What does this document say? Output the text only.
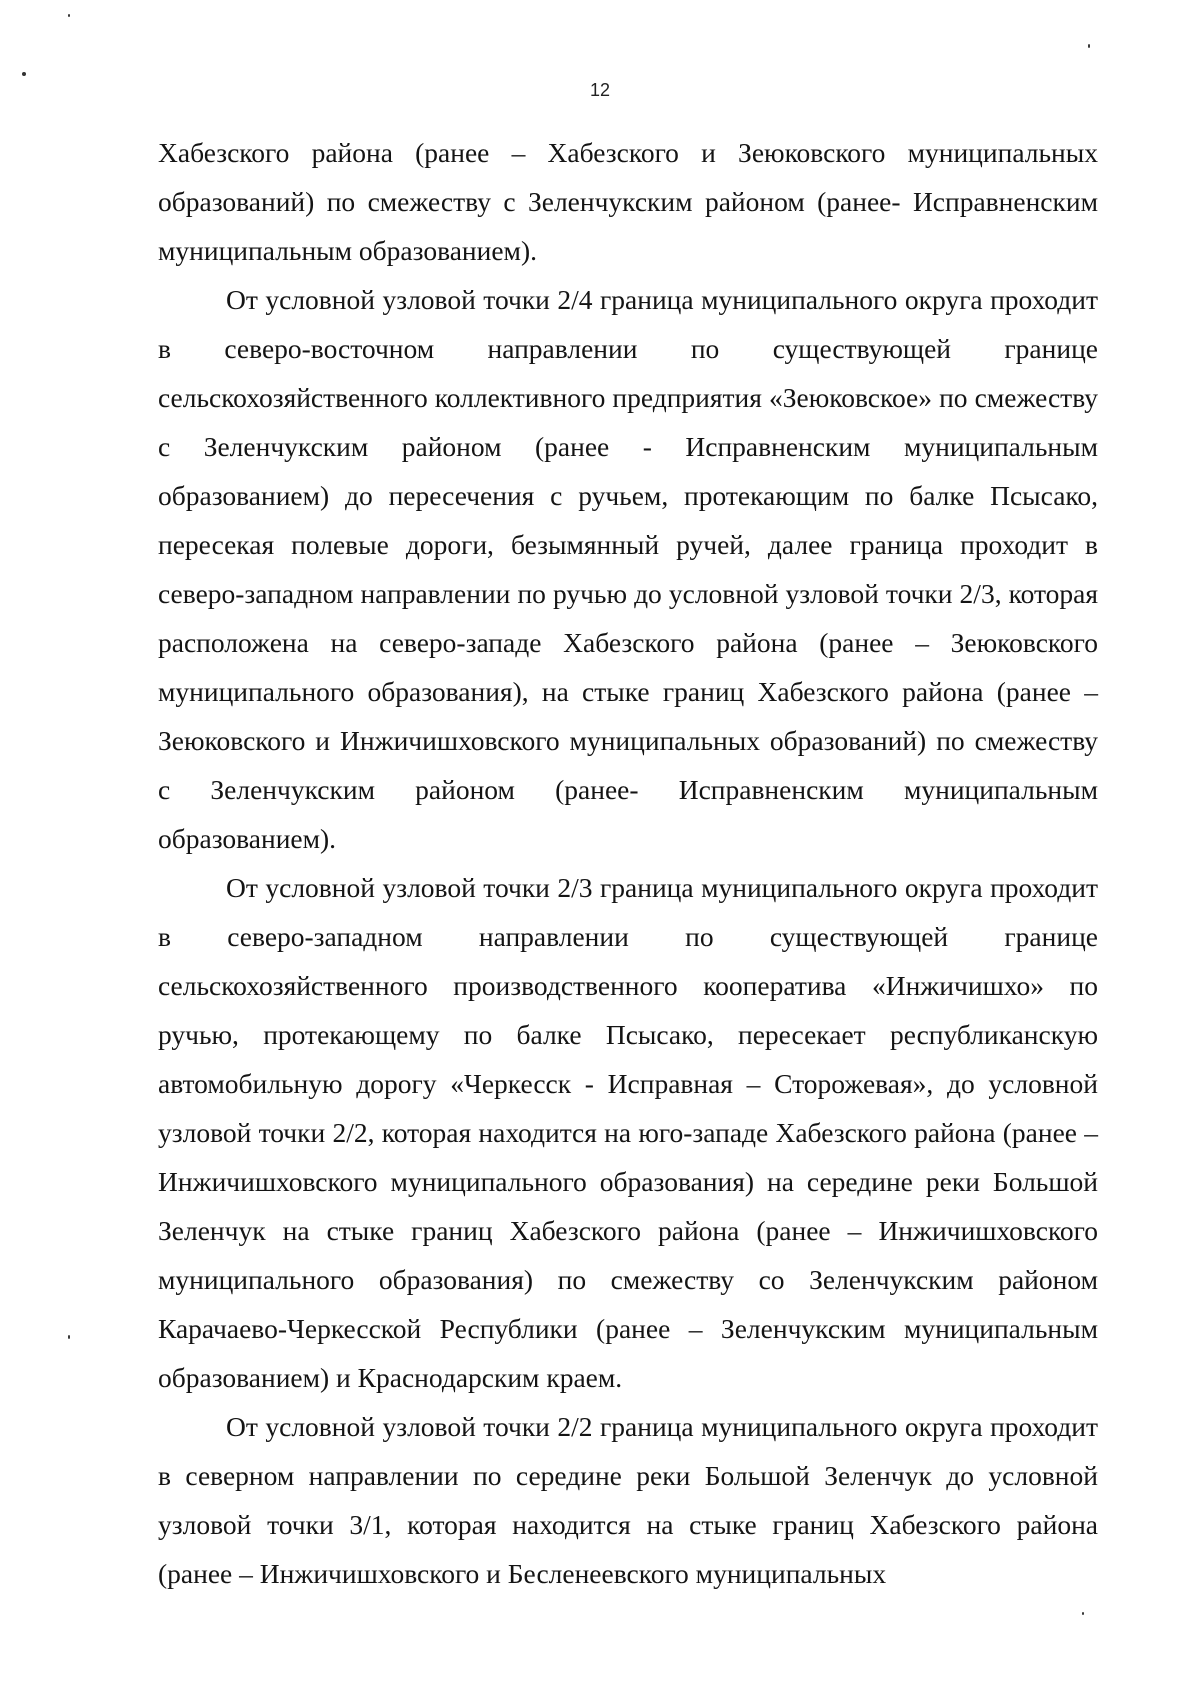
12

Хабезского района (ранее – Хабезского и Зеюковского муниципальных образований) по смежеству с Зеленчукским районом (ранее- Исправненским муниципальным образованием).

От условной узловой точки 2/4 граница муниципального округа проходит в северо-восточном направлении по существующей границе сельскохозяйственного коллективного предприятия «Зеюковское» по смежеству с Зеленчукским районом (ранее - Исправненским муниципальным образованием) до пересечения с ручьем, протекающим по балке Псысако, пересекая полевые дороги, безымянный ручей, далее граница проходит в северо-западном направлении по ручью до условной узловой точки 2/3, которая расположена на северо-западе Хабезского района (ранее – Зеюковского муниципального образования), на стыке границ Хабезского района (ранее – Зеюковского и Инжичишховского муниципальных образований) по смежеству с Зеленчукским районом (ранее- Исправненским муниципальным образованием).

От условной узловой точки 2/3 граница муниципального округа проходит в северо-западном направлении по существующей границе сельскохозяйственного производственного кооператива «Инжичишхо» по ручью, протекающему по балке Псысако, пересекает республиканскую автомобильную дорогу «Черкесск - Исправная – Сторожевая», до условной узловой точки 2/2, которая находится на юго-западе Хабезского района (ранее –Инжичишховского муниципального образования) на середине реки Большой Зеленчук на стыке границ Хабезского района (ранее – Инжичишховского муниципального образования) по смежеству со Зеленчукским районом Карачаево-Черкесской Республики (ранее – Зеленчукским муниципальным образованием) и Краснодарским краем.

От условной узловой точки 2/2 граница муниципального округа проходит в северном направлении по середине реки Большой Зеленчук до условной узловой точки 3/1, которая находится на стыке границ Хабезского района (ранее – Инжичишховского и Бесленеевского муниципальных
